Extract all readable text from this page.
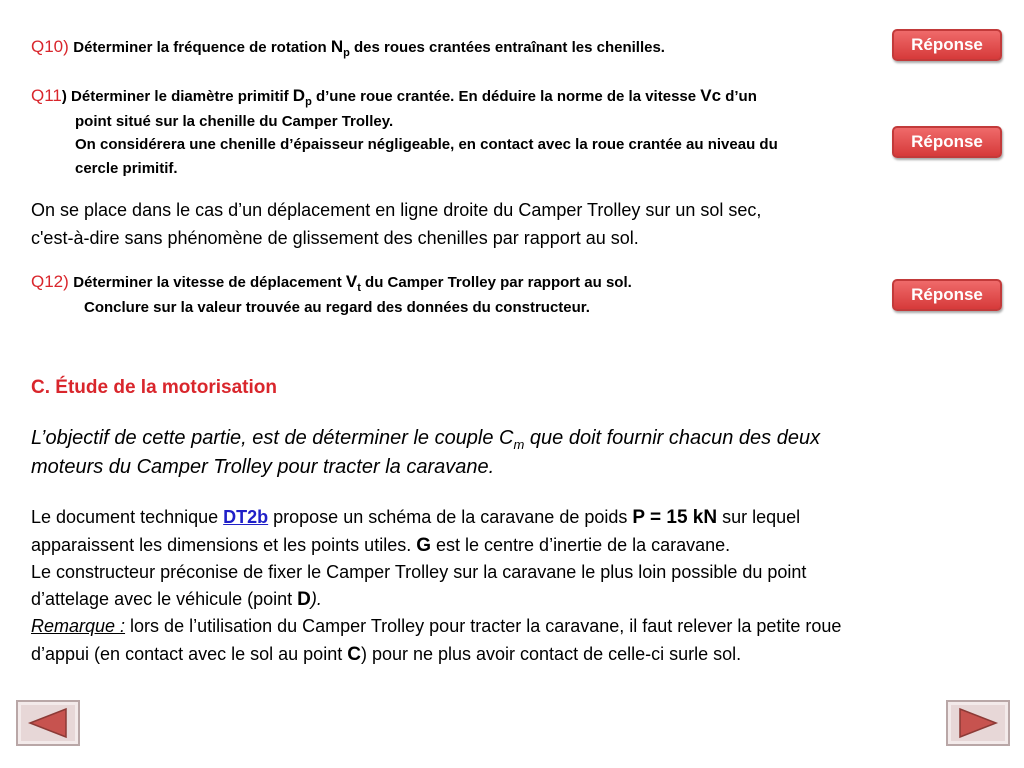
Q10) Déterminer la fréquence de rotation $N_p$ des roues crantées entraînant les chenilles.	Réponse
Q11) Déterminer le diamètre primitif $D_p$ d’une roue crantée. En déduire la norme de la vitesse Vc d’un
point situé sur la chenille du Camper Trolley.
On considérera une chenille d’épaisseur négligeable, en contact avec la roue crantée au niveau du
cercle primitif.
Réponse
On se place dans le cas d’un déplacement en ligne droite du Camper Trolley sur un sol sec,
c'est-à-dire sans phénomène de glissement des chenilles par rapport au sol.
Q12) Déterminer la vitesse de déplacement $V_t$ du Camper Trolley par rapport au sol.
Conclure sur la valeur trouvée au regard des données du constructeur.
Réponse
C. Étude de la motorisation
L’objectif de cette partie, est de déterminer le couple $C_m$ que doit fournir chacun des deux
moteurs du Camper Trolley pour tracter la caravane.
Le document technique DT2b propose un schéma de la caravane de poids P = 15 kN sur lequel
apparaissent les dimensions et les points utiles. G est le centre d’inertie de la caravane.
Le constructeur préconise de fixer le Camper Trolley sur la caravane le plus loin possible du point
d’attelage avec le véhicule (point D).
Remarque : lors de l’utilisation du Camper Trolley pour tracter la caravane, il faut relever la petite roue
d’appui (en contact avec le sol au point C) pour ne plus avoir contact de celle-ci surle sol.
